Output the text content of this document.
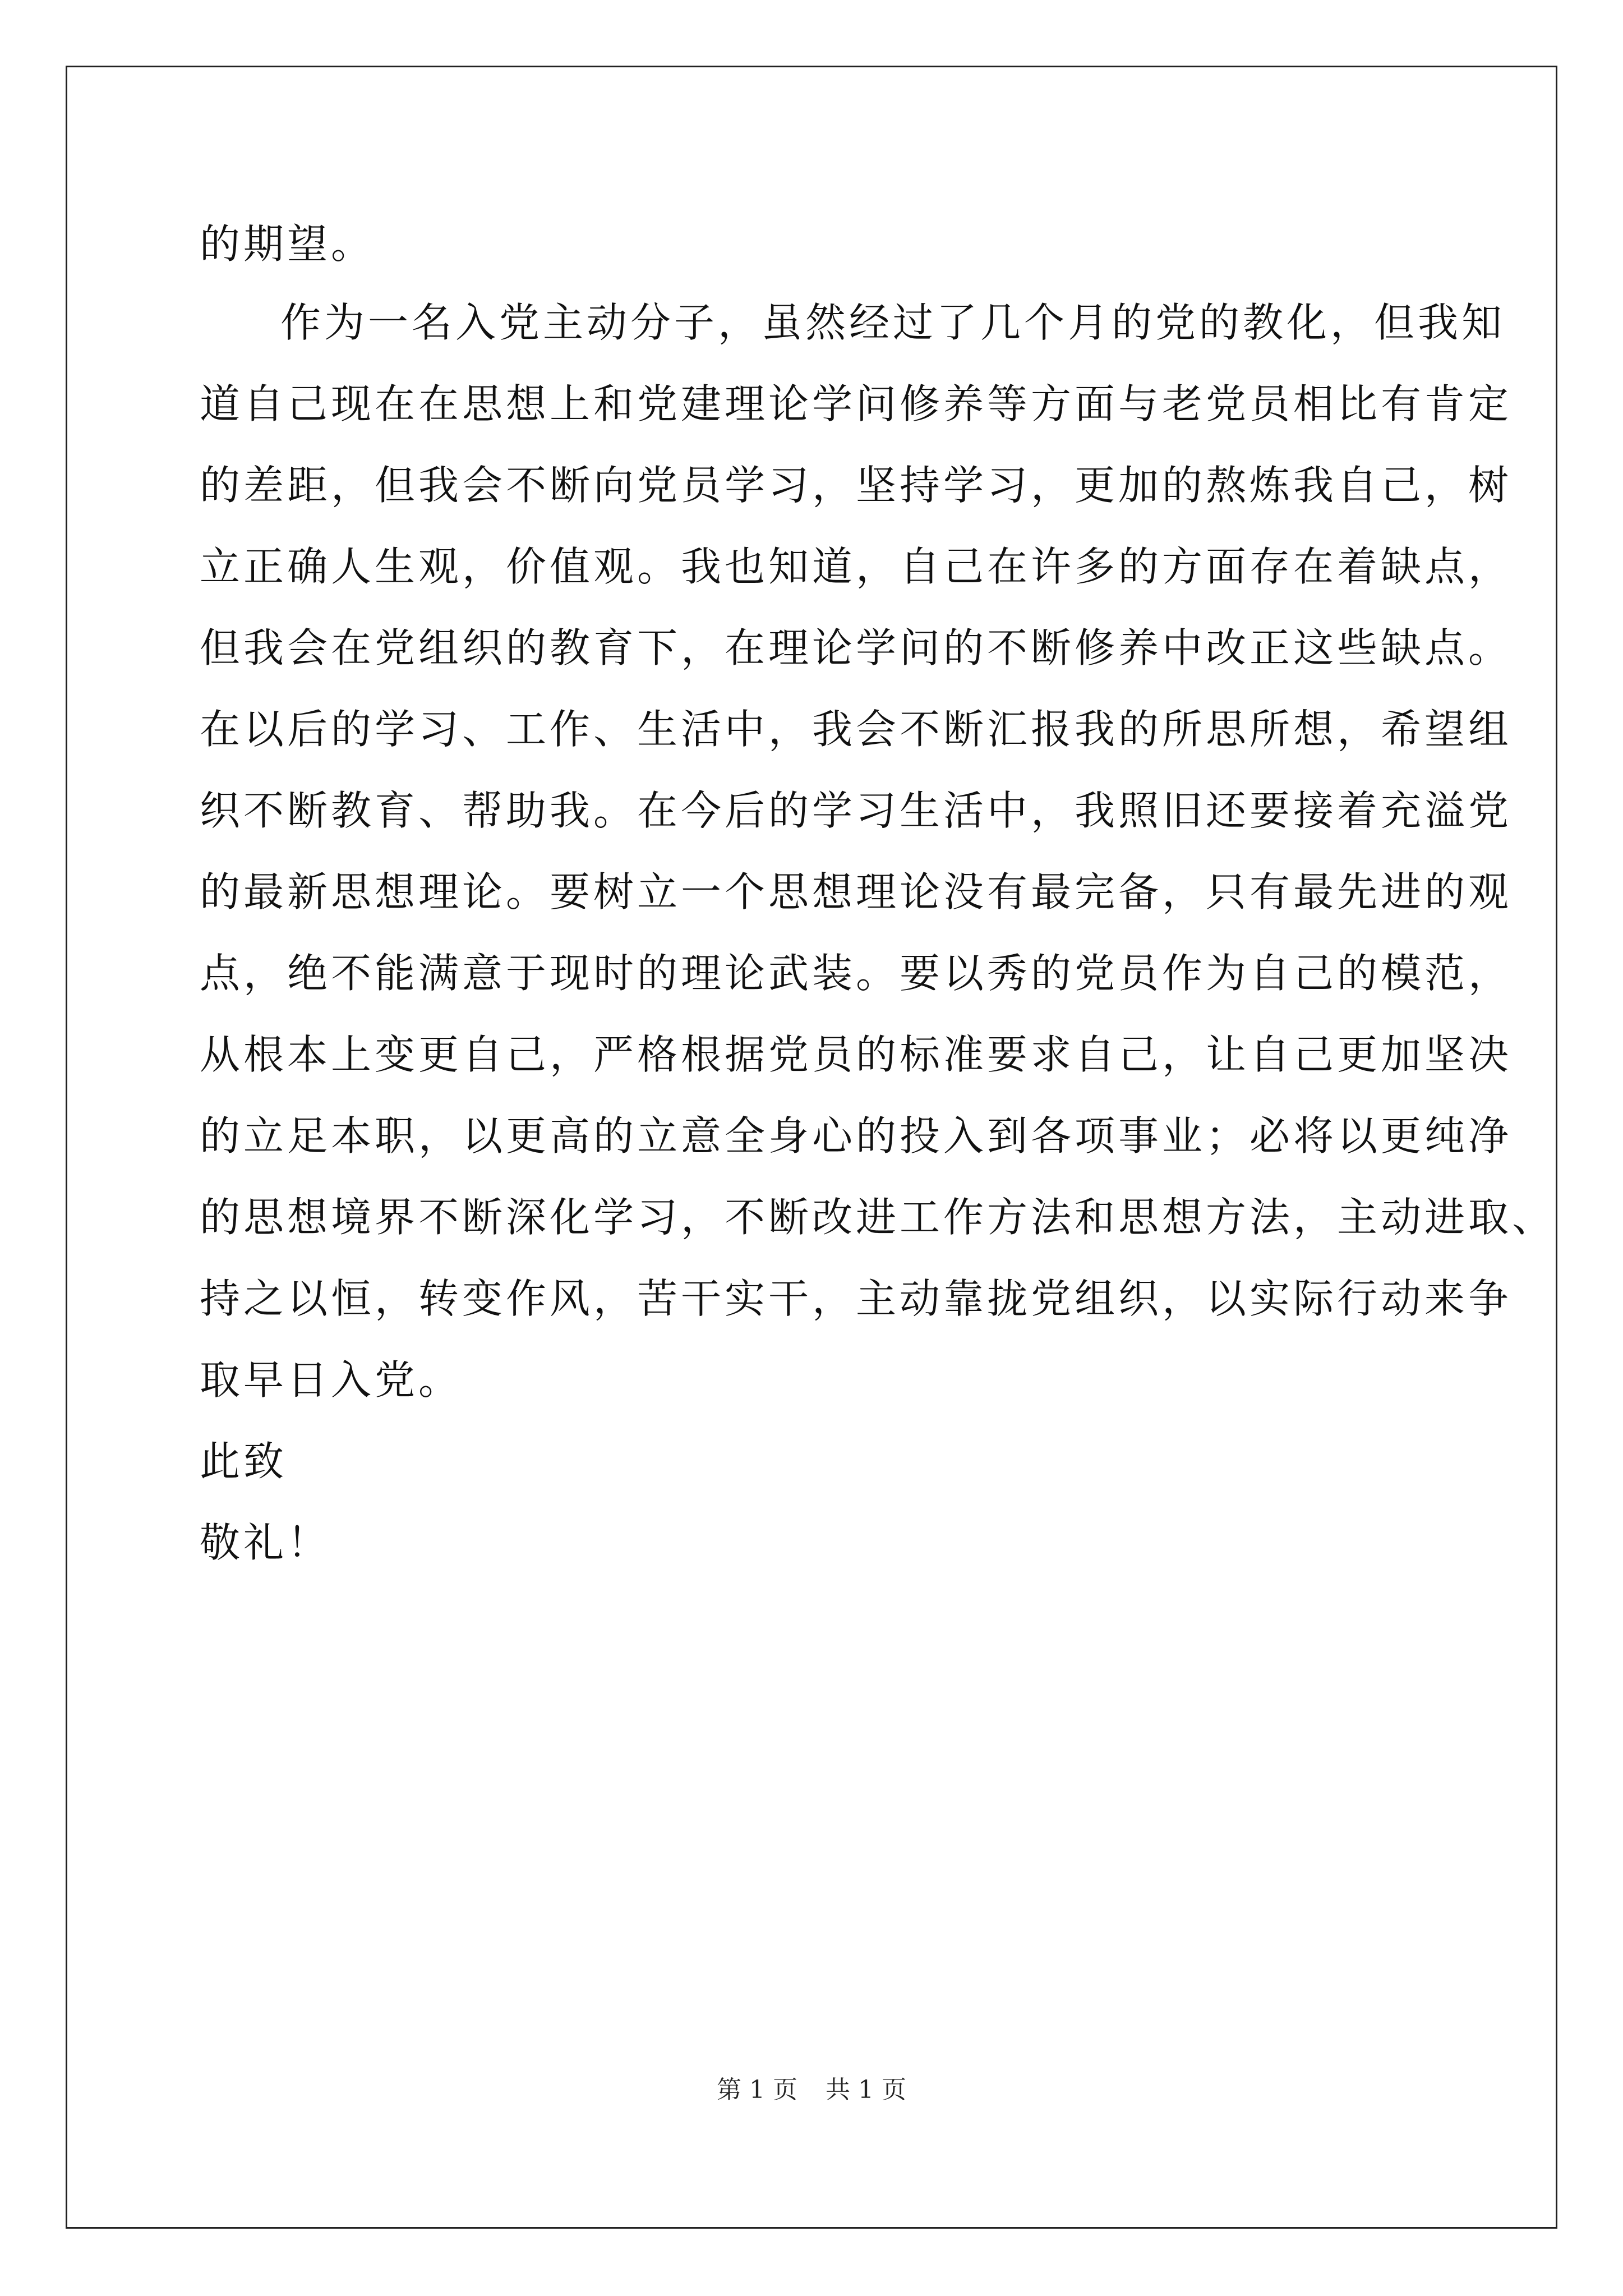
的期望。
作为一名入党主动分子，虽然经过了几个月的党的教化，但我知
道自己现在在思想上和党建理论学问修养等方面与老党员相比有肯定
的差距，但我会不断向党员学习，坚持学习，更加的熬炼我自己，树
立正确人生观，价值观。我也知道，自己在许多的方面存在着缺点，
但我会在党组织的教育下，在理论学问的不断修养中改正这些缺点。
在以后的学习、工作、生活中，我会不断汇报我的所思所想，希望组
织不断教育、帮助我。在今后的学习生活中，我照旧还要接着充溢党
的最新思想理论。要树立一个思想理论没有最完备，只有最先进的观
点，绝不能满意于现时的理论武装。要以秀的党员作为自己的模范，
从根本上变更自己，严格根据党员的标准要求自己，让自己更加坚决
的立足本职，以更高的立意全身心的投入到各项事业；必将以更纯净
的思想境界不断深化学习，不断改进工作方法和思想方法，主动进取、
持之以恒，转变作风，苦干实干，主动靠拢党组织，以实际行动来争
取早日入党。
此致
敬礼！
第 1 页 共 1 页
